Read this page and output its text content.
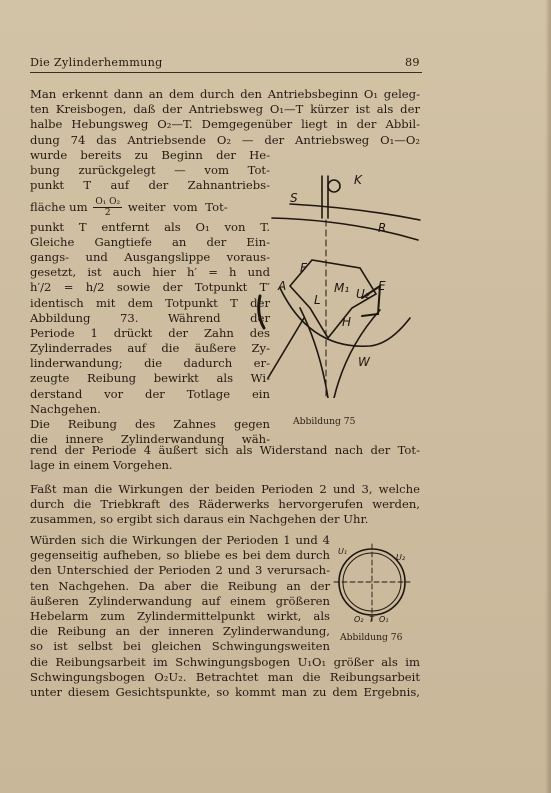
Die Zylinderhemmung	89
Man erkennt dann an dem durch den Antriebsbeginn O₁ geleg-
ten Kreisbogen, daß der Antriebsweg O₁—T kürzer ist als der
halbe Hebungsweg O₂—T. Demgegenüber liegt in der Abbil-
dung 74 das Antriebsende O₂ — der Antriebsweg O₁—O₂
wurde bereits zu Beginn der He-
bung zurückgelegt — vom Tot-
punkt T auf der Zahnantriebs-
fläche um $\frac{\text{O₁ O₂}}{2}$ weiter vom Tot-
punkt T entfernt als O₁ von T.
Gleiche Gangtiefe an der Ein-
gangs- und Ausgangslippe voraus-
gesetzt, ist auch hier h′ = h und
h′/2 = h/2 sowie der Totpunkt T′
identisch mit dem Totpunkt T der
Abbildung 73. Während der
Periode 1 drückt der Zahn des
Zylinderrades auf die äußere Zy-
linderwandung; die dadurch er-
zeugte Reibung bewirkt als Wi-
derstand vor der Totlage ein
Nachgehen.
Die Reibung des Zahnes gegen
die innere Zylinderwandung wäh-
rend der Periode 4 äußert sich als Widerstand nach der Tot-
lage in einem Vorgehen.
Faßt man die Wirkungen der beiden Perioden 2 und 3, welche
durch die Triebkraft des Räderwerks hervorgerufen werden,
zusammen, so ergibt sich daraus ein Nachgehen der Uhr.
Würden sich die Wirkungen der Perioden 1 und 4
gegenseitig aufheben, so bliebe es bei dem durch
den Unterschied der Perioden 2 und 3 verursach-
ten Nachgehen. Da aber die Reibung an der
äußeren Zylinderwandung auf einem größeren
Hebelarm zum Zylindermittelpunkt wirkt, als
die Reibung an der inneren Zylinderwandung,
so ist selbst bei gleichen Schwingungsweiten
die Reibungsarbeit im Schwingungsbogen U₁O₁ größer als im
Schwingungsbogen O₂U₂. Betrachtet man die Reibungsarbeit
unter diesem Gesichtspunkte, so kommt man zu dem Ergebnis,
S
K
R
F
A
L
M₁ U₂
E
H
W
Abbildung 75
U₁
U₂
O₂ T O₁
Abbildung 76
